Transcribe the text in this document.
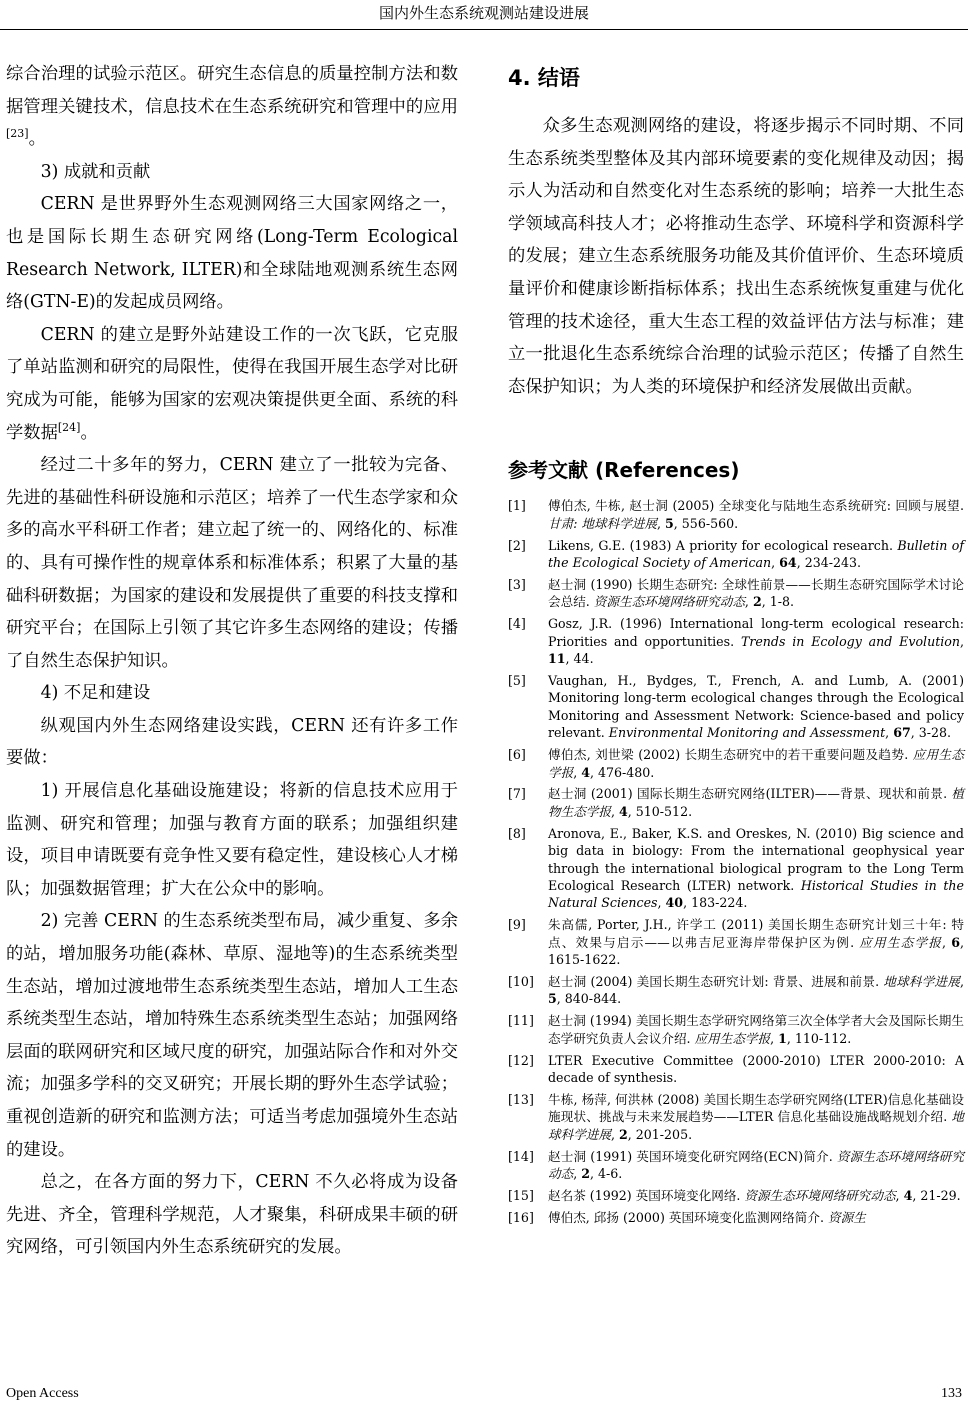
国内外生态系统观测站建设进展

综合治理的试验示范区。研究生态信息的质量控制方法和数据管理关键技术，信息技术在生态系统研究和管理中的应用[23]。

3) 成就和贡献

CERN 是世界野外生态观测网络三大国家网络之一，也是国际长期生态研究网络(Long-Term Ecological Research Network, ILTER)和全球陆地观测系统生态网络(GTN-E)的发起成员网络。

CERN 的建立是野外站建设工作的一次飞跃，它克服了单站监测和研究的局限性，使得在我国开展生态学对比研究成为可能，能够为国家的宏观决策提供更全面、系统的科学数据[24]。

经过二十多年的努力，CERN 建立了一批较为完备、先进的基础性科研设施和示范区；培养了一代生态学家和众多的高水平科研工作者；建立起了统一的、网络化的、标准的、具有可操作性的规章体系和标准体系；积累了大量的基础科研数据；为国家的建设和发展提供了重要的科技支撑和研究平台；在国际上引领了其它许多生态网络的建设；传播了自然生态保护知识。

4) 不足和建设

纵观国内外生态网络建设实践，CERN 还有许多工作要做：

1) 开展信息化基础设施建设；将新的信息技术应用于监测、研究和管理；加强与教育方面的联系；加强组织建设，项目申请既要有竞争性又要有稳定性，建设核心人才梯队；加强数据管理；扩大在公众中的影响。

2) 完善 CERN 的生态系统类型布局，减少重复、多余的站，增加服务功能(森林、草原、湿地等)的生态系统类型生态站，增加过渡地带生态系统类型生态站，增加人工生态系统类型生态站，增加特殊生态系统类型生态站；加强网络层面的联网研究和区域尺度的研究，加强站际合作和对外交流；加强多学科的交叉研究；开展长期的野外生态学试验；重视创造新的研究和监测方法；可适当考虑加强境外生态站的建设。

总之，在各方面的努力下，CERN 不久必将成为设备先进、齐全，管理科学规范，人才聚集，科研成果丰硕的研究网络，可引领国内外生态系统研究的发展。

4. 结语

众多生态观测网络的建设，将逐步揭示不同时期、不同生态系统类型整体及其内部环境要素的变化规律及动因；揭示人为活动和自然变化对生态系统的影响；培养一大批生态学领域高科技人才；必将推动生态学、环境科学和资源科学的发展；建立生态系统服务功能及其价值评价、生态环境质量评价和健康诊断指标体系；找出生态系统恢复重建与优化管理的技术途径，重大生态工程的效益评估方法与标准；建立一批退化生态系统综合治理的试验示范区；传播了自然生态保护知识；为人类的环境保护和经济发展做出贡献。

参考文献 (References)
[1] 傅伯杰, 牛栋, 赵士洞 (2005) 全球变化与陆地生态系统研究: 回顾与展望. 甘肃: 地球科学进展, 5, 556-560.
[2] Likens, G.E. (1983) A priority for ecological research. Bulletin of the Ecological Society of American, 64, 234-243.
[3] 赵士洞 (1990) 长期生态研究: 全球性前景——长期生态研究国际学术讨论会总结. 资源生态环境网络研究动态, 2, 1-8.
[4] Gosz, J.R. (1996) International long-term ecological research: Priorities and opportunities. Trends in Ecology and Evolution, 11, 44.
[5] Vaughan, H., Bydges, T., French, A. and Lumb, A. (2001) Monitoring long-term ecological changes through the Ecological Monitoring and Assessment Network: Science-based and policy relevant. Environmental Monitoring and Assessment, 67, 3-28.
[6] 傅伯杰, 刘世梁 (2002) 长期生态研究中的若干重要问题及趋势. 应用生态学报, 4, 476-480.
[7] 赵士洞 (2001) 国际长期生态研究网络(ILTER)——背景、现状和前景. 植物生态学报, 4, 510-512.
[8] Aronova, E., Baker, K.S. and Oreskes, N. (2010) Big science and big data in biology: From the international geophysical year through the international biological program to the Long Term Ecological Research (LTER) network. Historical Studies in the Natural Sciences, 40, 183-224.
[9] 朱高儒, Porter, J.H., 许学工 (2011) 美国长期生态研究计划三十年: 特点、效果与启示——以弗吉尼亚海岸带保护区为例. 应用生态学报, 6, 1615-1622.
[10] 赵士洞 (2004) 美国长期生态研究计划: 背景、进展和前景. 地球科学进展, 5, 840-844.
[11] 赵士洞 (1994) 美国长期生态学研究网络第三次全体学者大会及国际长期生态学研究负责人会议介绍. 应用生态学报, 1, 110-112.
[12] LTER Executive Committee (2000-2010) LTER 2000-2010: A decade of synthesis.
[13] 牛栋, 杨萍, 何洪林 (2008) 美国长期生态学研究网络(LTER)信息化基础设施现状、挑战与未来发展趋势——LTER 信息化基础设施战略规划介绍. 地球科学进展, 2, 201-205.
[14] 赵士洞 (1991) 英国环境变化研究网络(ECN)简介. 资源生态环境网络研究动态, 2, 4-6.
[15] 赵名茶 (1992) 英国环境变化网络. 资源生态环境网络研究动态, 4, 21-29.
[16] 傅伯杰, 邱扬 (2000) 英国环境变化监测网络简介. 资源生
Open Access	133
